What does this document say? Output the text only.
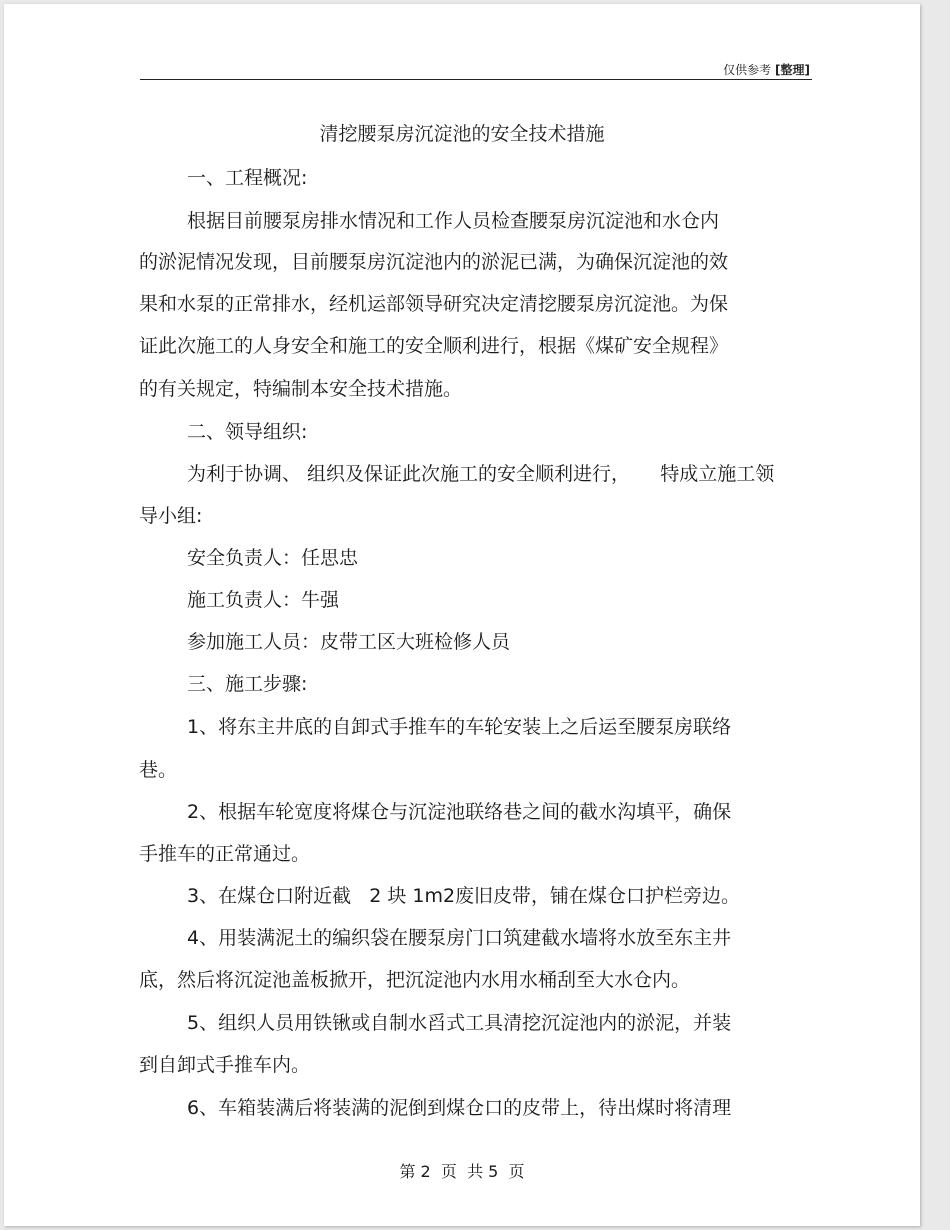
仅供参考 [整理]
清挖腰泵房沉淀池的安全技术措施
一、工程概况:
根据目前腰泵房排水情况和工作人员检查腰泵房沉淀池和水仓内
的淤泥情况发现，目前腰泵房沉淀池内的淤泥已满，为确保沉淀池的效
果和水泵的正常排水，经机运部领导研究决定清挖腰泵房沉淀池。为保
证此次施工的人身安全和施工的安全顺利进行，根据《煤矿安全规程》
的有关规定，特编制本安全技术措施。
二、领导组织:
为利于协调、 组织及保证此次施工的安全顺利进行，     特成立施工领
导小组:
安全负责人：任思忠
施工负责人：牛强
参加施工人员：皮带工区大班检修人员
三、施工步骤:
1、将东主井底的自卸式手推车的车轮安装上之后运至腰泵房联络
巷。
2、根据车轮宽度将煤仓与沉淀池联络巷之间的截水沟填平，确保
手推车的正常通过。
3、在煤仓口附近截   2 块 1m2废旧皮带，铺在煤仓口护栏旁边。
4、用装满泥土的编织袋在腰泵房门口筑建截水墙将水放至东主井
底，然后将沉淀池盖板掀开，把沉淀池内水用水桶刮至大水仓内。
5、组织人员用铁锹或自制水舀式工具清挖沉淀池内的淤泥，并装
到自卸式手推车内。
6、车箱装满后将装满的泥倒到煤仓口的皮带上，待出煤时将清理
第 2  页  共 5  页
